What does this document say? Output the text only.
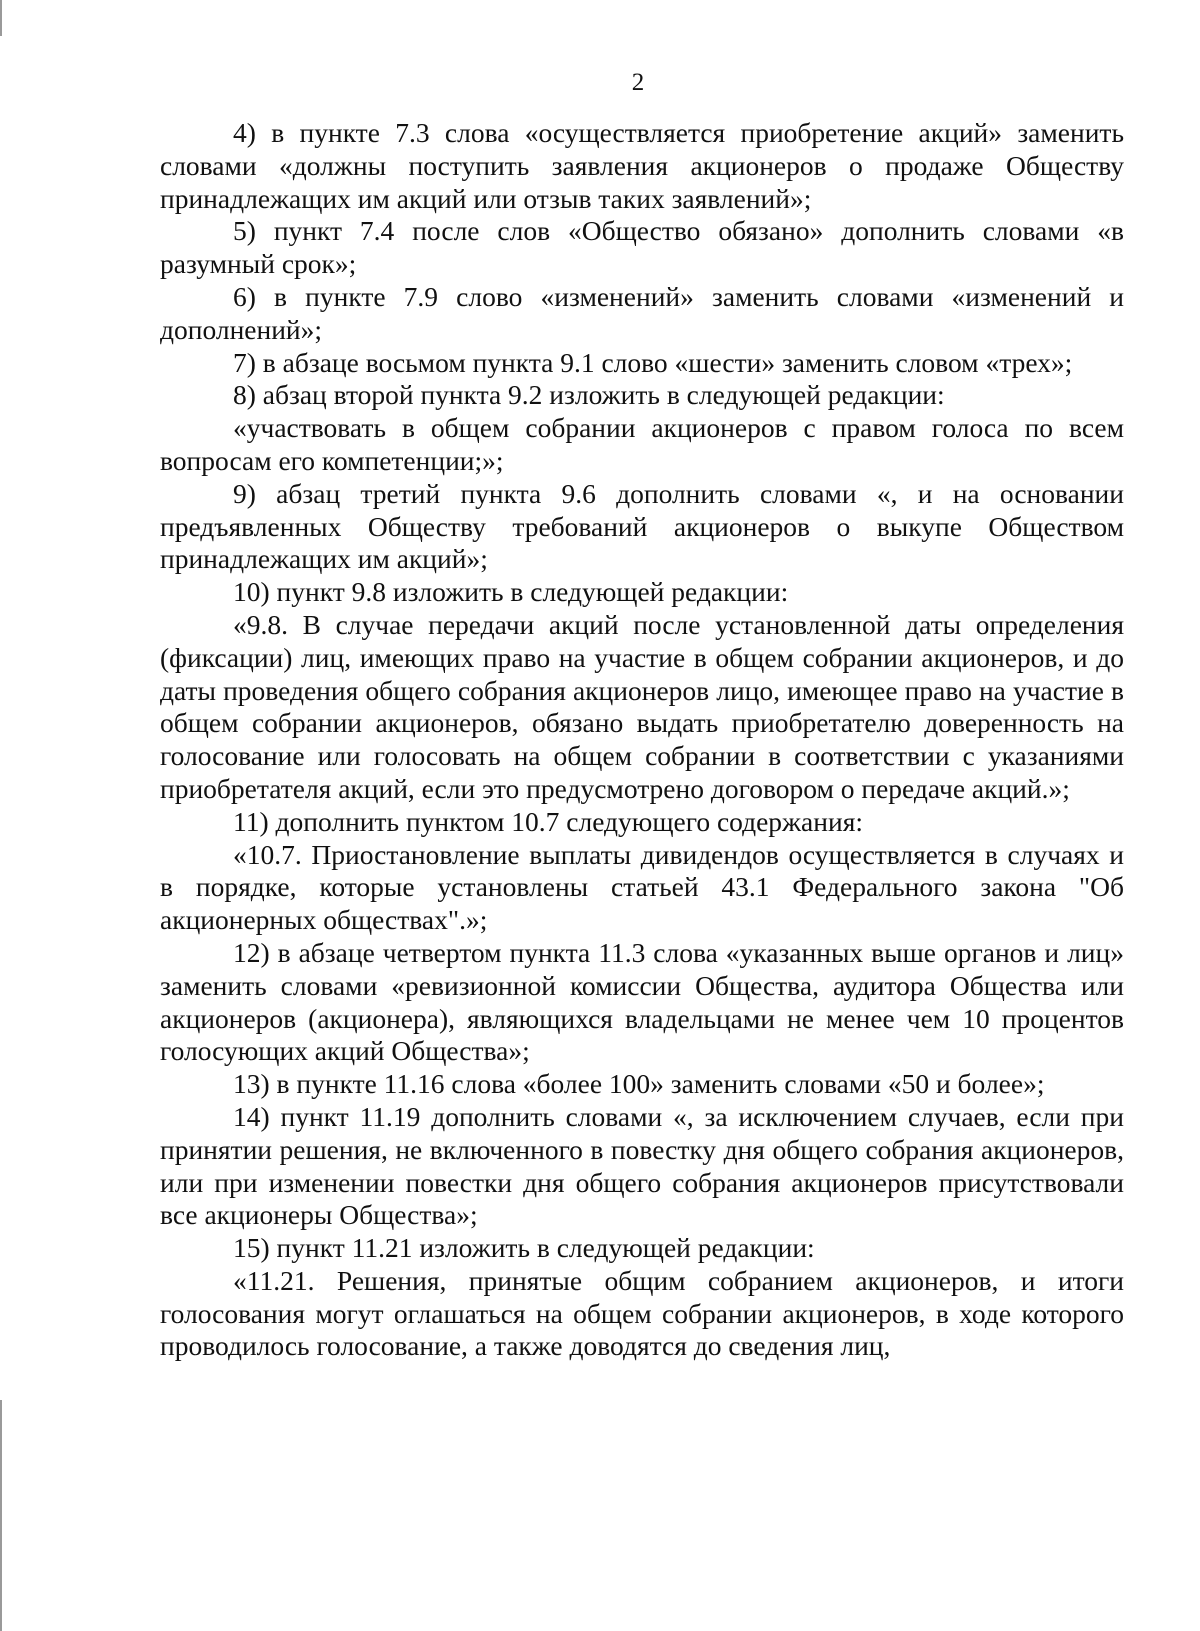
2

4) в пункте 7.3 слова «осуществляется приобретение акций» заменить словами «должны поступить заявления акционеров о продаже Обществу принадлежащих им акций или отзыв таких заявлений»;

5) пункт 7.4 после слов «Общество обязано» дополнить словами «в разумный срок»;

6) в пункте 7.9 слово «изменений» заменить словами «изменений и дополнений»;

7) в абзаце восьмом пункта 9.1 слово «шести» заменить словом «трех»;

8) абзац второй пункта 9.2 изложить в следующей редакции:

«участвовать в общем собрании акционеров с правом голоса по всем вопросам его компетенции;»;

9) абзац третий пункта 9.6 дополнить словами «, и на основании предъявленных Обществу требований акционеров о выкупе Обществом принадлежащих им акций»;

10) пункт 9.8 изложить в следующей редакции:

«9.8. В случае передачи акций после установленной даты определения (фиксации) лиц, имеющих право на участие в общем собрании акционеров, и до даты проведения общего собрания акционеров лицо, имеющее право на участие в общем собрании акционеров, обязано выдать приобретателю доверенность на голосование или голосовать на общем собрании в соответствии с указаниями приобретателя акций, если это предусмотрено договором о передаче акций.»;

11) дополнить пунктом 10.7 следующего содержания:

«10.7. Приостановление выплаты дивидендов осуществляется в случаях и в порядке, которые установлены статьей 43.1 Федерального закона "Об акционерных обществах".»;

12) в абзаце четвертом пункта 11.3 слова «указанных выше органов и лиц» заменить словами «ревизионной комиссии Общества, аудитора Общества или акционеров (акционера), являющихся владельцами не менее чем 10 процентов голосующих акций Общества»;

13) в пункте 11.16 слова «более 100» заменить словами «50 и более»;

14) пункт 11.19 дополнить словами «, за исключением случаев, если при принятии решения, не включенного в повестку дня общего собрания акционеров, или при изменении повестки дня общего собрания акционеров присутствовали все акционеры Общества»;

15) пункт 11.21 изложить в следующей редакции:

«11.21. Решения, принятые общим собранием акционеров, и итоги голосования могут оглашаться на общем собрании акционеров, в ходе которого проводилось голосование, а также доводятся до сведения лиц,
